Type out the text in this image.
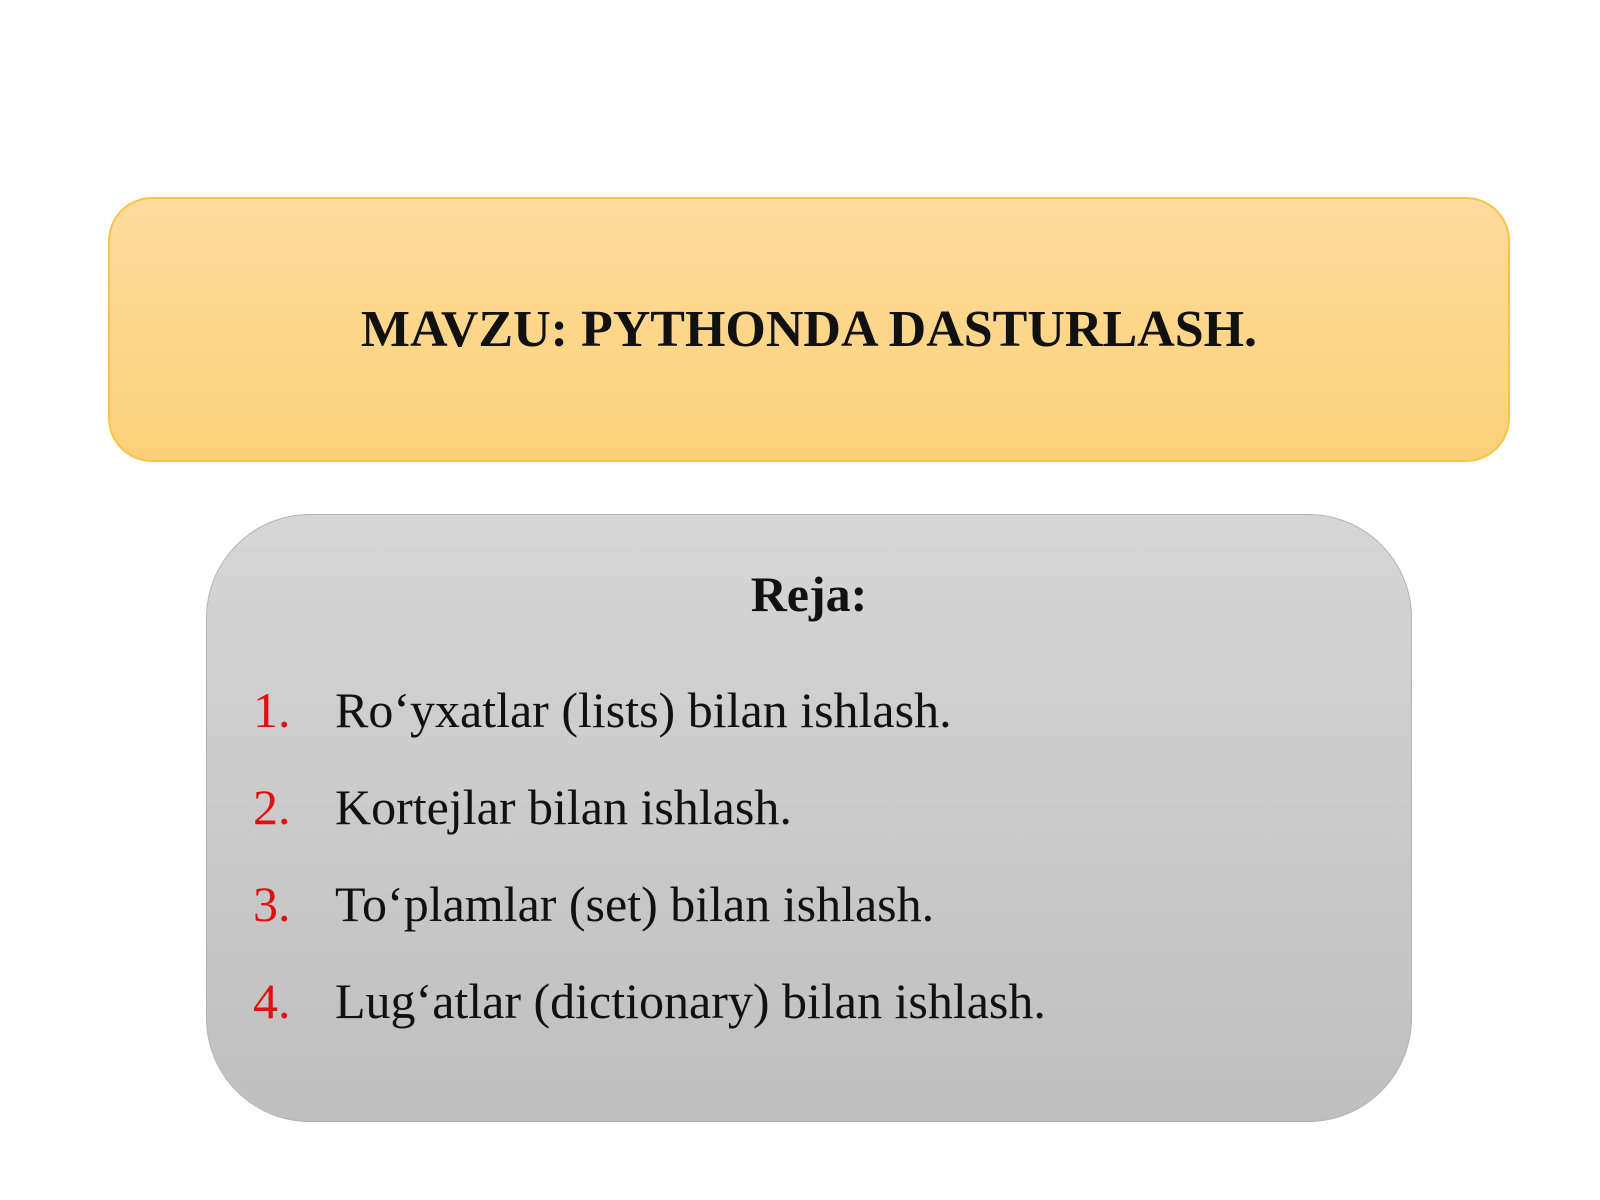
MAVZU: PYTHONDA DASTURLASH.
Reja:
1. Ro‘yxatlar (lists) bilan ishlash.
2. Kortejlar bilan ishlash.
3. To‘plamlar (set) bilan ishlash.
4. Lug‘atlar (dictionary) bilan ishlash.
